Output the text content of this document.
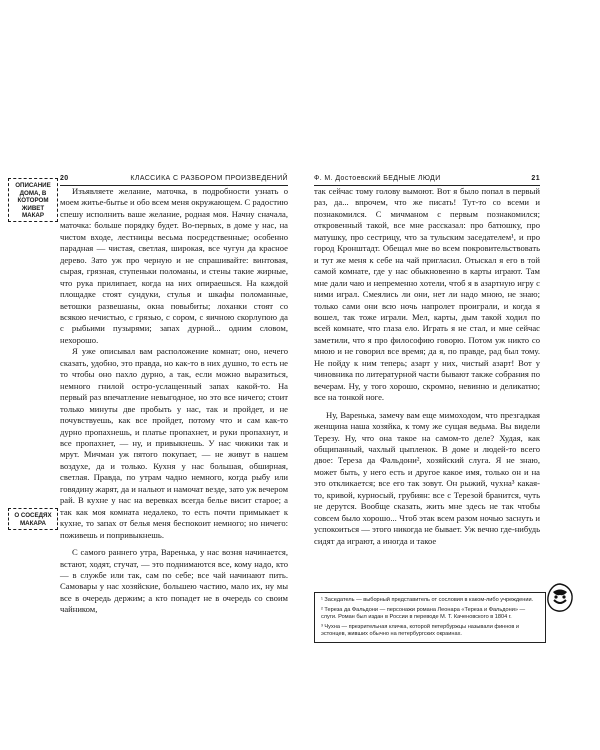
20	КЛАССИКА С РАЗБОРОМ ПРОИЗВЕДЕНИЙ
ОПИСАНИЕ ДОМА, В КОТОРОМ ЖИВЕТ МАКАР
О СОСЕДЯХ МАКАРА

Изъявляете желание, маточка, в подробности узнать о моем житье-бытье и обо всем меня окружающем. С радостию спешу исполнить ваше желание, родная моя. Начну сначала, маточка: больше порядку будет. Во-первых, в доме у нас, на чистом входе, лестницы весьма посредственные; особенно парадная — чистая, светлая, широкая, все чугун да красное дерево. Зато уж про черную и не спрашивайте: винтовая, сырая, грязная, ступеньки поломаны, и стены такие жирные, что рука прилипает, когда на них опираешься. На каждой площадке стоят сундуки, стулья и шкафы поломанные, ветошки развешаны, окна повыбиты; лоханки стоят со всякою нечистью, с грязью, с сором, с яичною скорлупою да с рыбьими пузырями; запах дурной... одним словом, нехорошо.

Я уже описывал вам расположение комнат; оно, нечего сказать, удобно, это правда, но как-то в них душно, то есть не то чтобы оно пахло дурно, а так, если можно выразиться, немного гнилой остро-услащенный запах какой-то. На первый раз впечатление невыгодное, но это все ничего; стоит только минуты две пробыть у нас, так и пройдет, и не почувствуешь, как все пройдет, потому что и сам как-то дурно пропахнешь, и платье пропахнет, и руки пропахнут, и все пропахнет, — ну, и привыкнешь. У нас чижики так и мрут. Мичман уж пятого покупает, — не живут в нашем воздухе, да и только. Кухня у нас большая, обширная, светлая. Правда, по утрам чадно немного, когда рыбу или говядину жарят, да и нальют и намочат везде, зато уж вечером рай. В кухне у нас на веревках всегда белье висит старое; а так как моя комната недалеко, то есть почти примыкает к кухне, то запах от белья меня беспокоит немного; но ничего: поживешь и попривыкнешь.

С самого раннего утра, Варенька, у нас возня начинается, встают, ходят, стучат, — это поднимаются все, кому надо, кто — в службе или так, сам по себе; все чай начинают пить. Самовары у нас хозяйские, большею частию, мало их, ну мы все в очередь держим; а кто попадет не в очередь со своим чайником,

Ф. М. Достоевский БЕДНЫЕ ЛЮДИ	21

так сейчас тому голову вымоют. Вот я было попал в первый раз, да... впрочем, что же писать! Тут-то со всеми и познакомился. С мичманом с первым познакомился; откровенный такой, все мне рассказал: про батюшку, про матушку, про сестрицу, что за тульским заседателем¹, и про город Кронштадт. Обещал мне во всем покровительствовать и тут же меня к себе на чай пригласил. Отыскал я его в той самой комнате, где у нас обыкновенно в карты играют. Там мне дали чаю и непременно хотели, чтоб я в азартную игру с ними играл. Смеялись ли они, нет ли надо мною, не знаю; только сами они всю ночь напролет проиграли, и когда я вошел, так тоже играли. Мел, карты, дым такой ходил по всей комнате, что глаза ело. Играть я не стал, и мне сейчас заметили, что я про философию говорю. Потом уж никто со мною и не говорил все время; да я, по правде, рад был тому. Не пойду к ним теперь; азарт у них, чистый азарт! Вот у чиновника по литературной части бывают также собрания по вечерам. Ну, у того хорошо, скромно, невинно и деликатно; все на тонкой ноге.

Ну, Варенька, замечу вам еще мимоходом, что презгадкая женщина наша хозяйка, к тому же сущая ведьма. Вы видели Терезу. Ну, что она такое на самом-то деле? Худая, как общипанный, чахлый цыпленок. В доме и людей-то всего двое: Тереза да Фальдони², хозяйский слуга. Я не знаю, может быть, у него есть и другое какое имя, только он и на это откликается; все его так зовут. Он рыжий, чухна³ какая-то, кривой, курносый, грубиян: все с Терезой бранится, чуть не дерутся. Вообще сказать, жить мне здесь не так чтобы совсем было хорошо... Чтоб этак всем разом ночью заснуть и успокоиться — этого никогда не бывает. Уж вечно где-нибудь сидят да играют, а иногда и такое

¹ Заседатель — выборный представитель от сословия в каком-либо учреждении.

² Тереза да Фальдони — персонажи романа Леонара «Тереза и Фальдони» — слуги. Роман был издан в России в переводе М. Т. Каченовского в 1804 г.

³ Чухна — презрительная кличка, которой петербуржцы называли финнов и эстонцев, живших обычно на петербургских окраинах.
